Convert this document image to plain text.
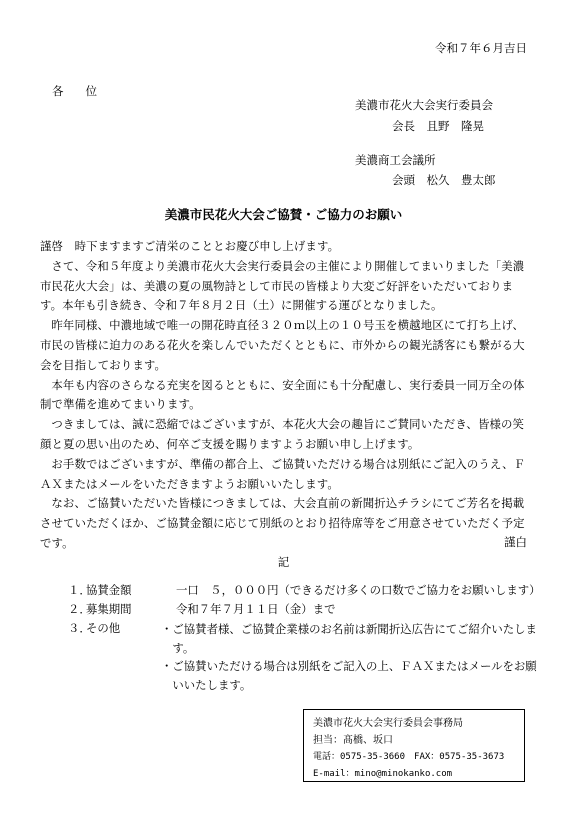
令和７年６月吉日
各位
美濃市花火大会実行委員会
会長　且野　隆晃
美濃商工会議所
会頭　松久　豊太郎
美濃市民花火大会ご協賛・ご協力のお願い

謹啓　時下ますますご清栄のこととお慶び申し上げます。

さて、令和５年度より美濃市花火大会実行委員会の主催により開催してまいりました「美濃市民花火大会」は、美濃の夏の風物詩として市民の皆様より大変ご好評をいただいております。本年も引き続き、令和７年８月２日（土）に開催する運びとなりました。

昨年同様、中濃地域で唯一の開花時直径３２０ｍ以上の１０号玉を横越地区にて打ち上げ、市民の皆様に迫力のある花火を楽しんでいただくとともに、市外からの観光誘客にも繋がる大会を目指しております。

本年も内容のさらなる充実を図るとともに、安全面にも十分配慮し、実行委員一同万全の体制で準備を進めてまいります。

つきましては、誠に恐縮ではございますが、本花火大会の趣旨にご賛同いただき、皆様の笑顔と夏の思い出のため、何卒ご支援を賜りますようお願い申し上げます。

お手数ではございますが、準備の都合上、ご協賛いただける場合は別紙にご記入のうえ、ＦＡＸまたはメールをいただきますようお願いいたします。

なお、ご協賛いただいた皆様につきましては、大会直前の新聞折込チラシにてご芳名を掲載させていただくほか、ご協賛金額に応じて別紙のとおり招待席等をご用意させていただく予定です。	謹白
記
１．協賛金額	一口　５，０００円（できるだけ多くの口数でご協力をお願いします）
２．募集期間	令和７年７月１１日（金）まで
３．その他	・ご協賛者様、ご協賛企業様のお名前は新聞折込広告にてご紹介いたします。
・ご協賛いただける場合は別紙をご記入の上、ＦＡＸまたはメールをお願いいたします。
美濃市花火大会実行委員会事務局
担当：髙橋、坂口
電話：0575-35-3660　FAX：0575-35-3673
E-mail：mino@minokanko.com
